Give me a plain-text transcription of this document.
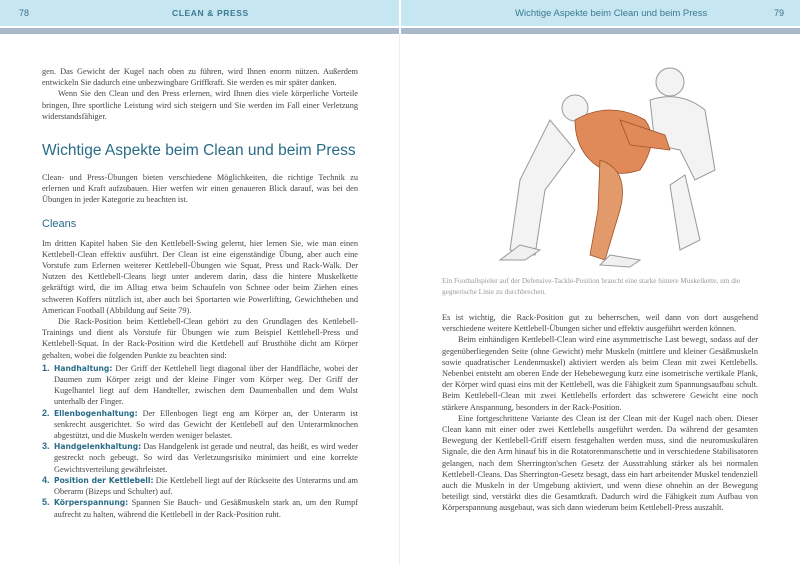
78	CLEAN & PRESS	Wichtige Aspekte beim Clean und beim Press	79

gen. Das Gewicht der Kugel nach oben zu führen, wird Ihnen enorm nützen. Außerdem entwickeln Sie dadurch eine unbezwingbare Griffkraft. Sie werden es mir später danken.

Wenn Sie den Clean und den Press erlernen, wird Ihnen dies viele körperliche Vorteile bringen, Ihre sportliche Leistung wird sich steigern und Sie werden im Fall einer Verletzung widerstandsfähiger.

Wichtige Aspekte beim Clean und beim Press

Clean- und Press-Übungen bieten verschiedene Möglichkeiten, die richtige Technik zu erlernen und Kraft aufzubauen. Hier werfen wir einen genaueren Blick darauf, was bei den Übungen in jeder Kategorie zu beachten ist.

Cleans

Im dritten Kapitel haben Sie den Kettlebell-Swing gelernt, hier lernen Sie, wie man einen Kettlebell-Clean effektiv ausführt. Der Clean ist eine eigenständige Übung, aber auch eine Vorstufe zum Erlernen weiterer Kettlebell-Übungen wie Squat, Press und Rack-Walk. Der Nutzen des Kettlebell-Cleans liegt unter anderem darin, dass die hintere Muskelkette gekräftigt wird, die im Alltag etwa beim Schaufeln von Schnee oder beim Ziehen eines schweren Koffers nützlich ist, aber auch bei Sportarten wie Powerlifting, Gewichtheben und American Football (Abbildung auf Seite 79).

Die Rack-Position beim Kettlebell-Clean gehört zu den Grundlagen des Kettlebell-Trainings und dient als Vorstufe für Übungen wie zum Beispiel Kettlebell-Press und Kettlebell-Squat. In der Rack-Position wird die Kettlebell auf Brusthöhe dicht am Körper gehalten, wobei die folgenden Punkte zu beachten sind:

1. Handhaltung: Der Griff der Kettlebell liegt diagonal über der Handfläche, wobei der Daumen zum Körper zeigt und der kleine Finger vom Körper weg. Der Griff der Kugelhantel liegt auf dem Handteller, zwischen dem Daumenballen und dem Wulst unterhalb der Finger.
2. Ellenbogenhaltung: Der Ellenbogen liegt eng am Körper an, der Unterarm ist senkrecht ausgerichtet. So wird das Gewicht der Kettlebell auf den Unterarmknochen abgestützt, und die Muskeln werden weniger belastet.
3. Handgelenkhaltung: Das Handgelenk ist gerade und neutral, das heißt, es wird weder gestreckt noch gebeugt. So wird das Verletzungsrisiko minimiert und eine korrekte Gewichtsverteilung gewährleistet.
4. Position der Kettlebell: Die Kettlebell liegt auf der Rückseite des Unterarms und am Oberarm (Bizeps und Schulter) auf.
5. Körperspannung: Spannen Sie Bauch- und Gesäßmuskeln stark an, um den Rumpf aufrecht zu halten, während die Kettlebell in der Rack-Position ruht.
Ein Footballspieler auf der Defensive-Tackle-Position braucht eine starke hintere Muskelkette, um die gegnerische Linie zu durchbrechen.

Es ist wichtig, die Rack-Position gut zu beherrschen, weil dann von dort ausgehend verschiedene weitere Kettlebell-Übungen sicher und effektiv ausgeführt werden können.

Beim einhändigen Kettlebell-Clean wird eine asymmetrische Last bewegt, sodass auf der gegenüberliegenden Seite (ohne Gewicht) mehr Muskeln (mittlere und kleiner Gesäßmuskeln sowie quadratischer Lendenmuskel) aktiviert werden als beim Clean mit zwei Kettlebells. Nebenbei entsteht am oberen Ende der Hebebewegung kurz eine isometrische vertikale Plank, der Körper wird quasi eins mit der Kettlebell, was die Fähigkeit zum Spannungsaufbau schult. Beim Kettlebell-Clean mit zwei Kettlebells erfordert das schwerere Gewicht eine noch stärkere Anspannung, besonders in der Rack-Position.

Eine fortgeschrittene Variante des Clean ist der Clean mit der Kugel nach oben. Dieser Clean kann mit einer oder zwei Kettlebells ausgeführt werden. Da während der gesamten Bewegung der Kettlebell-Griff eisern festgehalten werden muss, sind die neuromuskulären Signale, die den Arm hinauf bis in die Rotatorenmanschette und in verschiedene Stabilisatoren gelangen, nach dem Sherrington'schen Gesetz der Ausstrahlung stärker als bei normalen Kettlebell-Cleans. Das Sherrington-Gesetz besagt, dass ein hart arbeitender Muskel tendenziell auch die Muskeln in der Umgebung aktiviert, und wenn diese ohnehin an der Bewegung beteiligt sind, verstärkt dies die Gesamtkraft. Dadurch wird die Fähigkeit zum Aufbau von Körperspannung ausgebaut, was sich dann wiederum beim Kettlebell-Press auszahlt.
